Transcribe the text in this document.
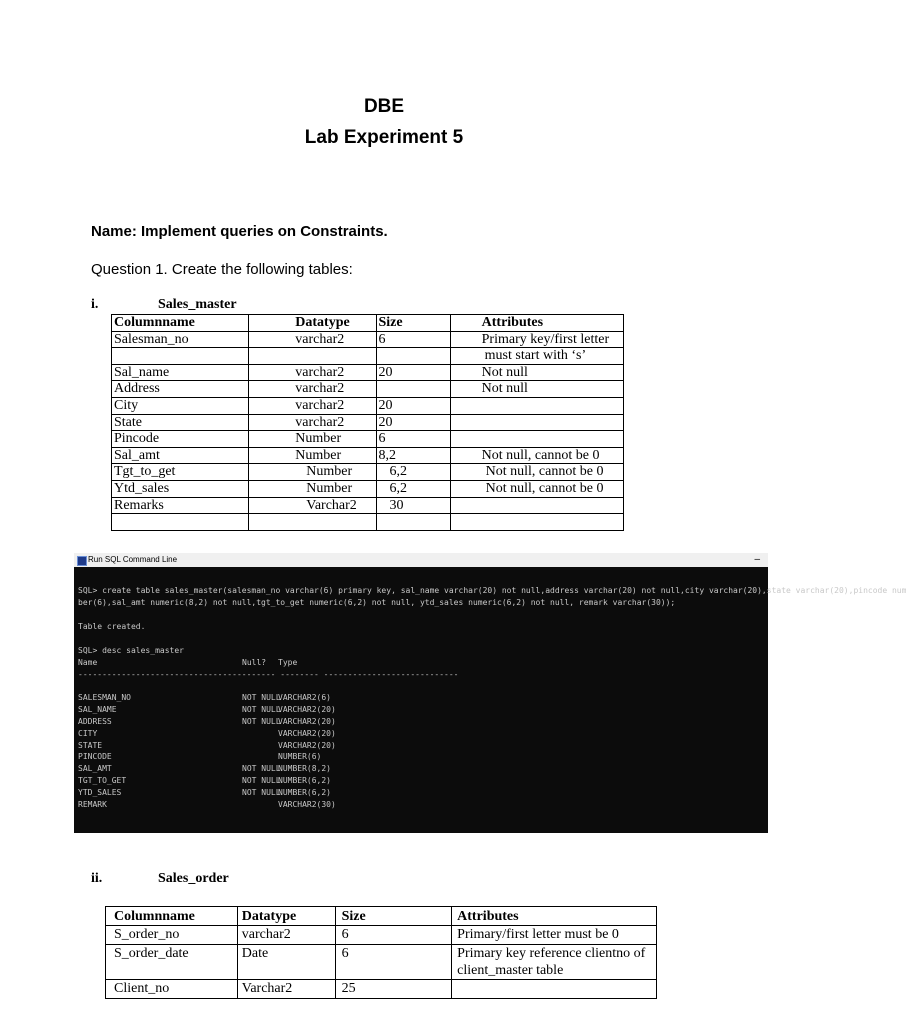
DBE
Lab Experiment 5
Name: Implement queries on Constraints.
Question 1. Create the following tables:
i.	Sales_master
Columnname	Datatype	Size	Attributes
Salesman_no	varchar2	6	Primary key/first letter
			must start with ‘s’
Sal_name	varchar2	20	Not null
Address	varchar2		Not null
City	varchar2	20	
State	varchar2	20	
Pincode	Number	6	
Sal_amt	Number	8,2	Not null, cannot be 0
Tgt_to_get	Number	6,2	Not null, cannot be 0
Ytd_sales	Number	6,2	Not null, cannot be 0
Remarks	Varchar2	30	

Run SQL Command Line	–
SQL> create table sales_master(salesman_no varchar(6) primary key, sal_name varchar(20) not null,address varchar(20) not null,city varchar(20),state varchar(20),pincode num
ber(6),sal_amt numeric(8,2) not null,tgt_to_get numeric(6,2) not null, ytd_sales numeric(6,2) not null, remark varchar(30));

Table created.

SQL> desc sales_master
Name	Null? Type
----------------------------------------- -------- ----------------------------

SALESMAN_NO	NOT NULLVARCHAR2(6)
SAL_NAME	NOT NULLVARCHAR2(20)
ADDRESS	NOT NULLVARCHAR2(20)
CITY	VARCHAR2(20)
STATE	VARCHAR2(20)
PINCODE	NUMBER(6)
SAL_AMT	NOT NULLNUMBER(8,2)
TGT_TO_GET	NOT NULLNUMBER(6,2)
YTD_SALES	NOT NULLNUMBER(6,2)
REMARK	VARCHAR2(30)
ii.	Sales_order
Columnname	Datatype	Size	Attributes
S_order_no	varchar2	6	Primary/first letter must be 0
S_order_date	Date	6	Primary key reference clientno of client_master table
Client_no	Varchar2	25	
